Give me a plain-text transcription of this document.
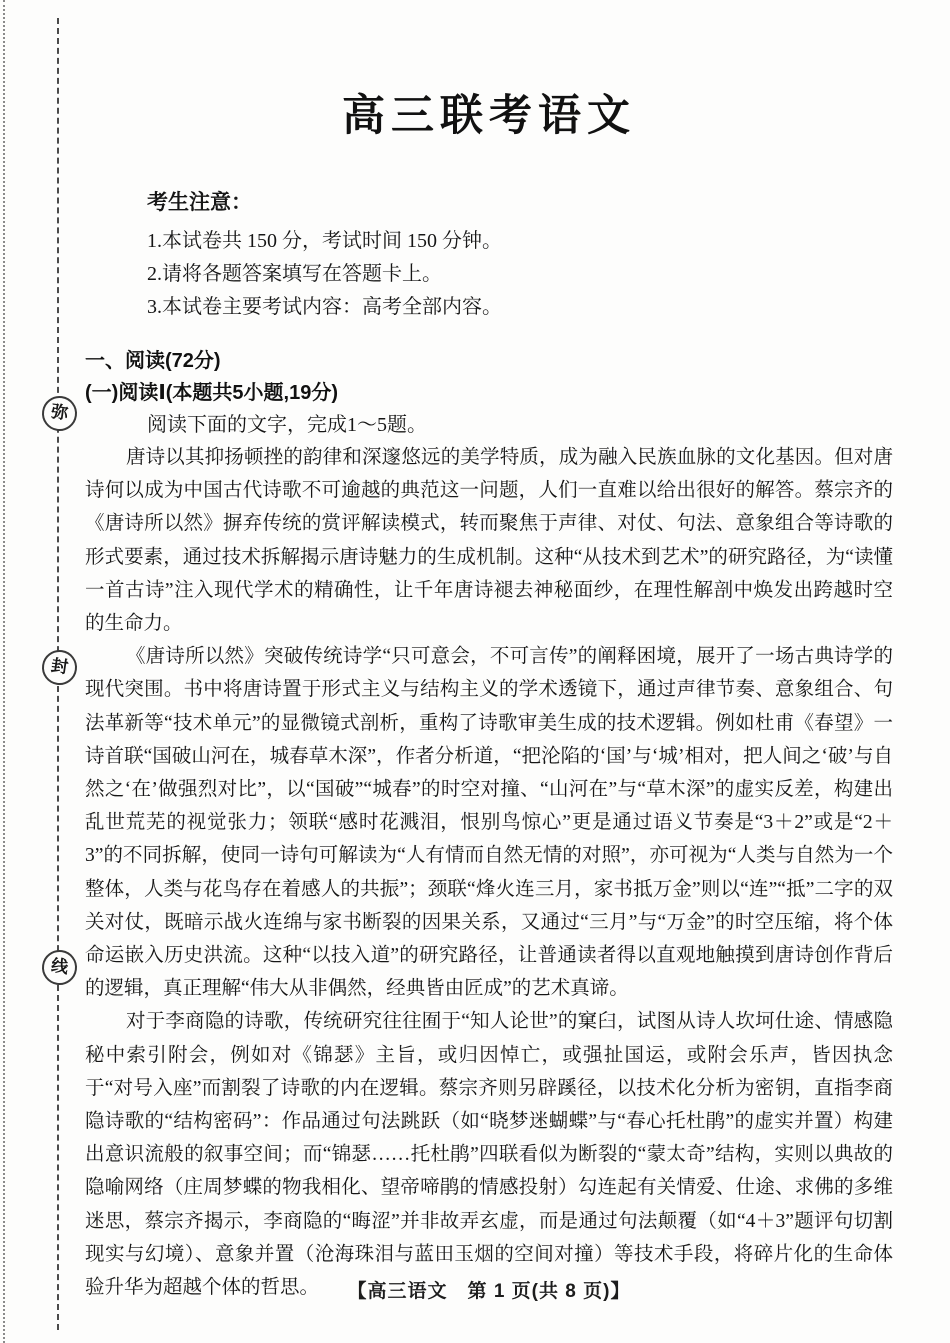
弥
封
线
高三联考语文
考生注意：
1.本试卷共 150 分，考试时间 150 分钟。
2.请将各题答案填写在答题卡上。
3.本试卷主要考试内容：高考全部内容。
一、阅读(72分)
(一)阅读Ⅰ(本题共5小题,19分)
阅读下面的文字，完成1～5题。

唐诗以其抑扬顿挫的韵律和深邃悠远的美学特质，成为融入民族血脉的文化基因。但对唐诗何以成为中国古代诗歌不可逾越的典范这一问题，人们一直难以给出很好的解答。蔡宗齐的《唐诗所以然》摒弃传统的赏评解读模式，转而聚焦于声律、对仗、句法、意象组合等诗歌的形式要素，通过技术拆解揭示唐诗魅力的生成机制。这种“从技术到艺术”的研究路径，为“读懂一首古诗”注入现代学术的精确性，让千年唐诗褪去神秘面纱，在理性解剖中焕发出跨越时空的生命力。

《唐诗所以然》突破传统诗学“只可意会，不可言传”的阐释困境，展开了一场古典诗学的现代突围。书中将唐诗置于形式主义与结构主义的学术透镜下，通过声律节奏、意象组合、句法革新等“技术单元”的显微镜式剖析，重构了诗歌审美生成的技术逻辑。例如杜甫《春望》一诗首联“国破山河在，城春草木深”，作者分析道，“把沦陷的‘国’与‘城’相对，把人间之‘破’与自然之‘在’做强烈对比”，以“国破”“城春”的时空对撞、“山河在”与“草木深”的虚实反差，构建出乱世荒芜的视觉张力；领联“感时花溅泪，恨别鸟惊心”更是通过语义节奏是“3＋2”或是“2＋3”的不同拆解，使同一诗句可解读为“人有情而自然无情的对照”，亦可视为“人类与自然为一个整体，人类与花鸟存在着感人的共振”；颈联“烽火连三月，家书抵万金”则以“连”“抵”二字的双关对仗，既暗示战火连绵与家书断裂的因果关系，又通过“三月”与“万金”的时空压缩，将个体命运嵌入历史洪流。这种“以技入道”的研究路径，让普通读者得以直观地触摸到唐诗创作背后的逻辑，真正理解“伟大从非偶然，经典皆由匠成”的艺术真谛。

对于李商隐的诗歌，传统研究往往囿于“知人论世”的窠臼，试图从诗人坎坷仕途、情感隐秘中索引附会，例如对《锦瑟》主旨，或归因悼亡，或强扯国运，或附会乐声，皆因执念于“对号入座”而割裂了诗歌的内在逻辑。蔡宗齐则另辟蹊径，以技术化分析为密钥，直指李商隐诗歌的“结构密码”：作品通过句法跳跃（如“晓梦迷蝴蝶”与“春心托杜鹃”的虚实并置）构建出意识流般的叙事空间；而“锦瑟……托杜鹃”四联看似为断裂的“蒙太奇”结构，实则以典故的隐喻网络（庄周梦蝶的物我相化、望帝啼鹃的情感投射）勾连起有关情爱、仕途、求佛的多维迷思，蔡宗齐揭示，李商隐的“晦涩”并非故弄玄虚，而是通过句法颠覆（如“4＋3”题评句切割现实与幻境）、意象并置（沧海珠泪与蓝田玉烟的空间对撞）等技术手段，将碎片化的生命体验升华为超越个体的哲思。	【高三语文　第 1 页(共 8 页)】
